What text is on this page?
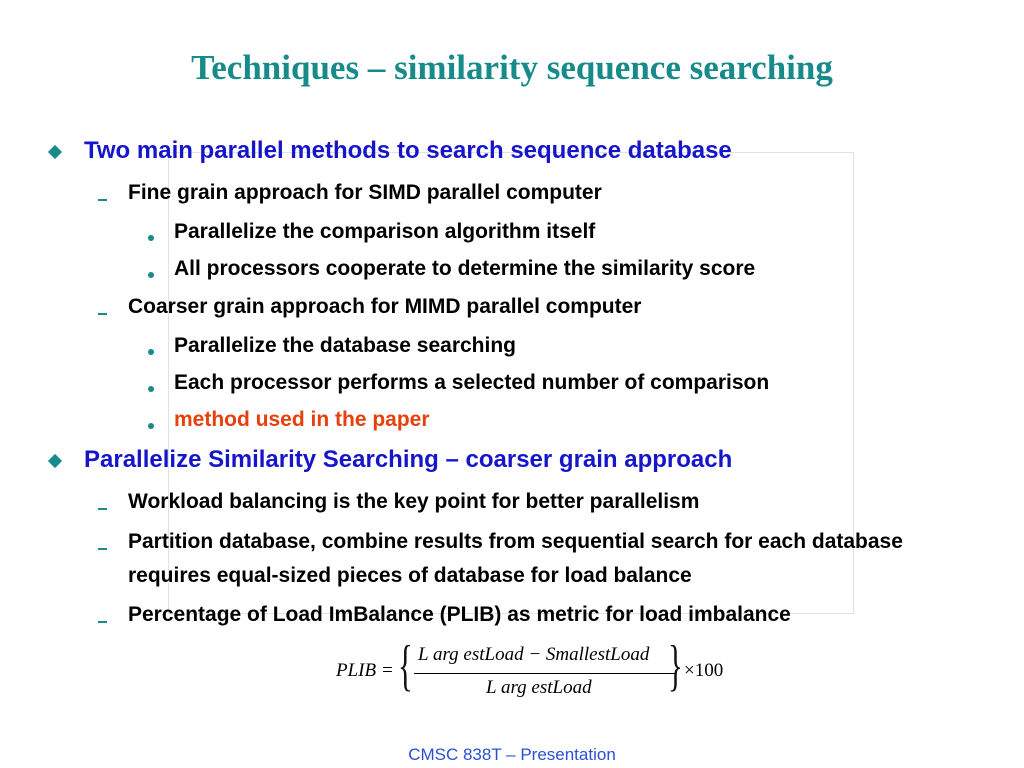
Techniques – similarity sequence searching
Two main parallel methods to search sequence database
Fine grain approach for SIMD parallel computer
Parallelize the comparison algorithm itself
All processors cooperate to determine the similarity score
Coarser grain approach for MIMD parallel computer
Parallelize the database searching
Each processor performs a selected number of comparison
method used in the paper
Parallelize Similarity Searching – coarser grain approach
Workload balancing is the key point for better parallelism
Partition database, combine results from sequential search for each database requires equal-sized pieces of database for load balance
Percentage of Load ImBalance (PLIB) as metric for load imbalance
PLIB = { L arg estLoad − SmallestLoad
L arg estLoad } ×100
CMSC 838T – Presentation
